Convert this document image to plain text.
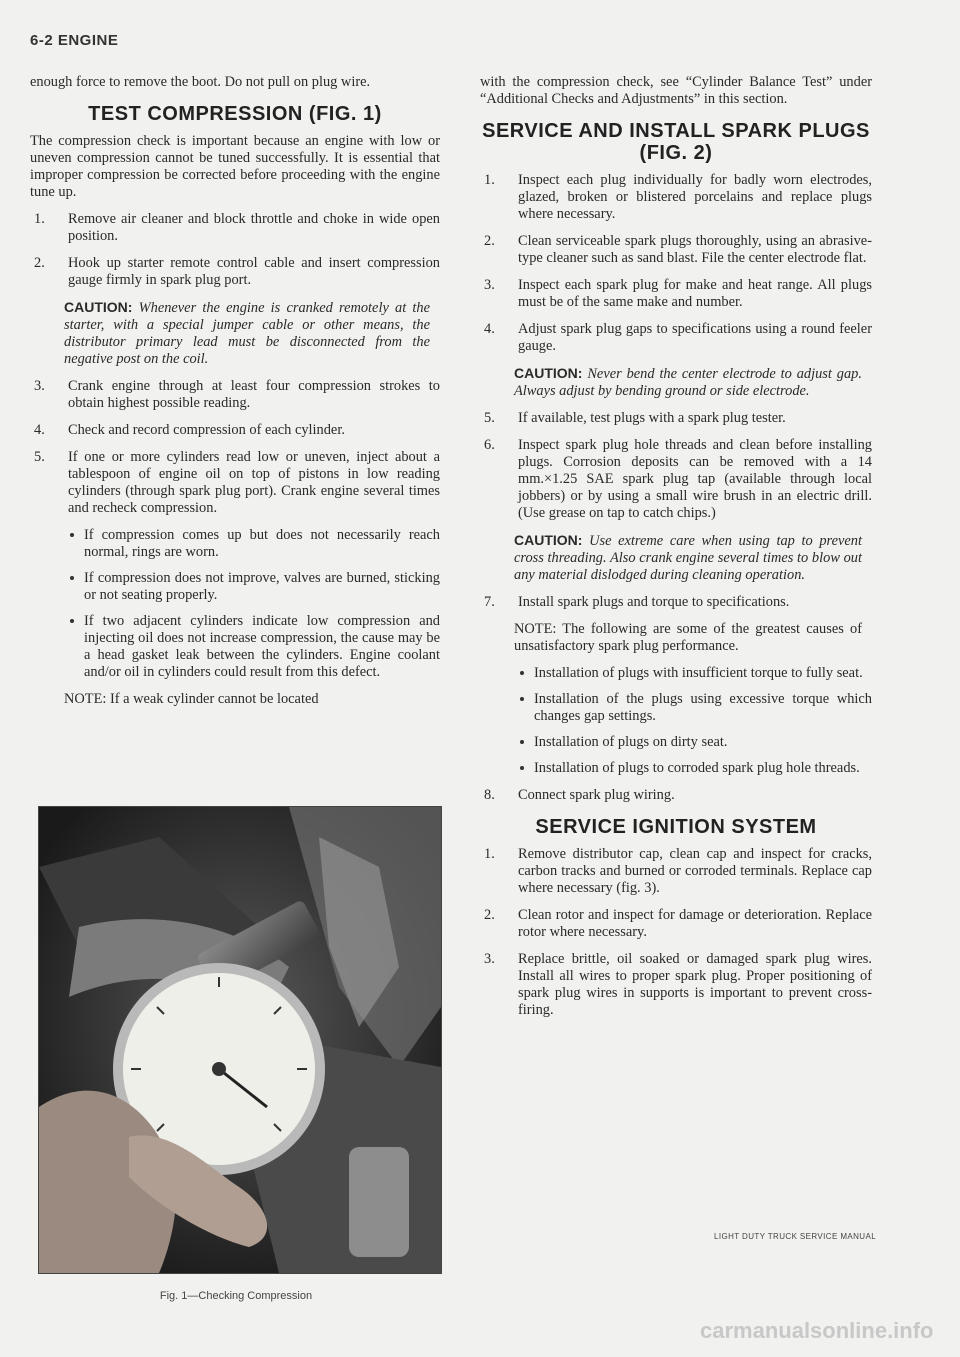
6-2 ENGINE

enough force to remove the boot. Do not pull on plug wire.

TEST COMPRESSION (FIG. 1)

The compression check is important because an engine with low or uneven compression cannot be tuned successfully. It is essential that improper compression be corrected before proceeding with the engine tune up.

1.	Remove air cleaner and block throttle and choke in wide open position.
2.	Hook up starter remote control cable and insert compression gauge firmly in spark plug port.
CAUTION: Whenever the engine is cranked remotely at the starter, with a special jumper cable or other means, the distributor primary lead must be disconnected from the negative post on the coil.
3.	Crank engine through at least four compression strokes to obtain highest possible reading.
4.	Check and record compression of each cylinder.
5.	If one or more cylinders read low or uneven, inject about a tablespoon of engine oil on top of pistons in low reading cylinders (through spark plug port). Crank engine several times and recheck compression.
If compression comes up but does not necessarily reach normal, rings are worn.
If compression does not improve, valves are burned, sticking or not seating properly.
If two adjacent cylinders indicate low compression and injecting oil does not increase compression, the cause may be a head gasket leak between the cylinders. Engine coolant and/or oil in cylinders could result from this defect.
NOTE: If a weak cylinder cannot be located
Fig. 1—Checking Compression

with the compression check, see “Cylinder Balance Test” under “Additional Checks and Adjustments” in this section.

SERVICE AND INSTALL SPARK PLUGS (FIG. 2)
1.	Inspect each plug individually for badly worn electrodes, glazed, broken or blistered porcelains and replace plugs where necessary.
2.	Clean serviceable spark plugs thoroughly, using an abrasive-type cleaner such as sand blast. File the center electrode flat.
3.	Inspect each spark plug for make and heat range. All plugs must be of the same make and number.
4.	Adjust spark plug gaps to specifications using a round feeler gauge.
CAUTION: Never bend the center electrode to adjust gap. Always adjust by bending ground or side electrode.
5.	If available, test plugs with a spark plug tester.
6.	Inspect spark plug hole threads and clean before installing plugs. Corrosion deposits can be removed with a 14 mm.×1.25 SAE spark plug tap (available through local jobbers) or by using a small wire brush in an electric drill. (Use grease on tap to catch chips.)
CAUTION: Use extreme care when using tap to prevent cross threading. Also crank engine several times to blow out any material dislodged during cleaning operation.
7.	Install spark plugs and torque to specifications.
NOTE: The following are some of the greatest causes of unsatisfactory spark plug performance.
Installation of plugs with insufficient torque to fully seat.
Installation of the plugs using excessive torque which changes gap settings.
Installation of plugs on dirty seat.
Installation of plugs to corroded spark plug hole threads.
8.	Connect spark plug wiring.
SERVICE IGNITION SYSTEM
1.	Remove distributor cap, clean cap and inspect for cracks, carbon tracks and burned or corroded terminals. Replace cap where necessary (fig. 3).
2.	Clean rotor and inspect for damage or deterioration. Replace rotor where necessary.
3.	Replace brittle, oil soaked or damaged spark plug wires. Install all wires to proper spark plug. Proper positioning of spark plug wires in supports is important to prevent cross-firing.
LIGHT DUTY TRUCK SERVICE MANUAL
carmanualsonline.info
